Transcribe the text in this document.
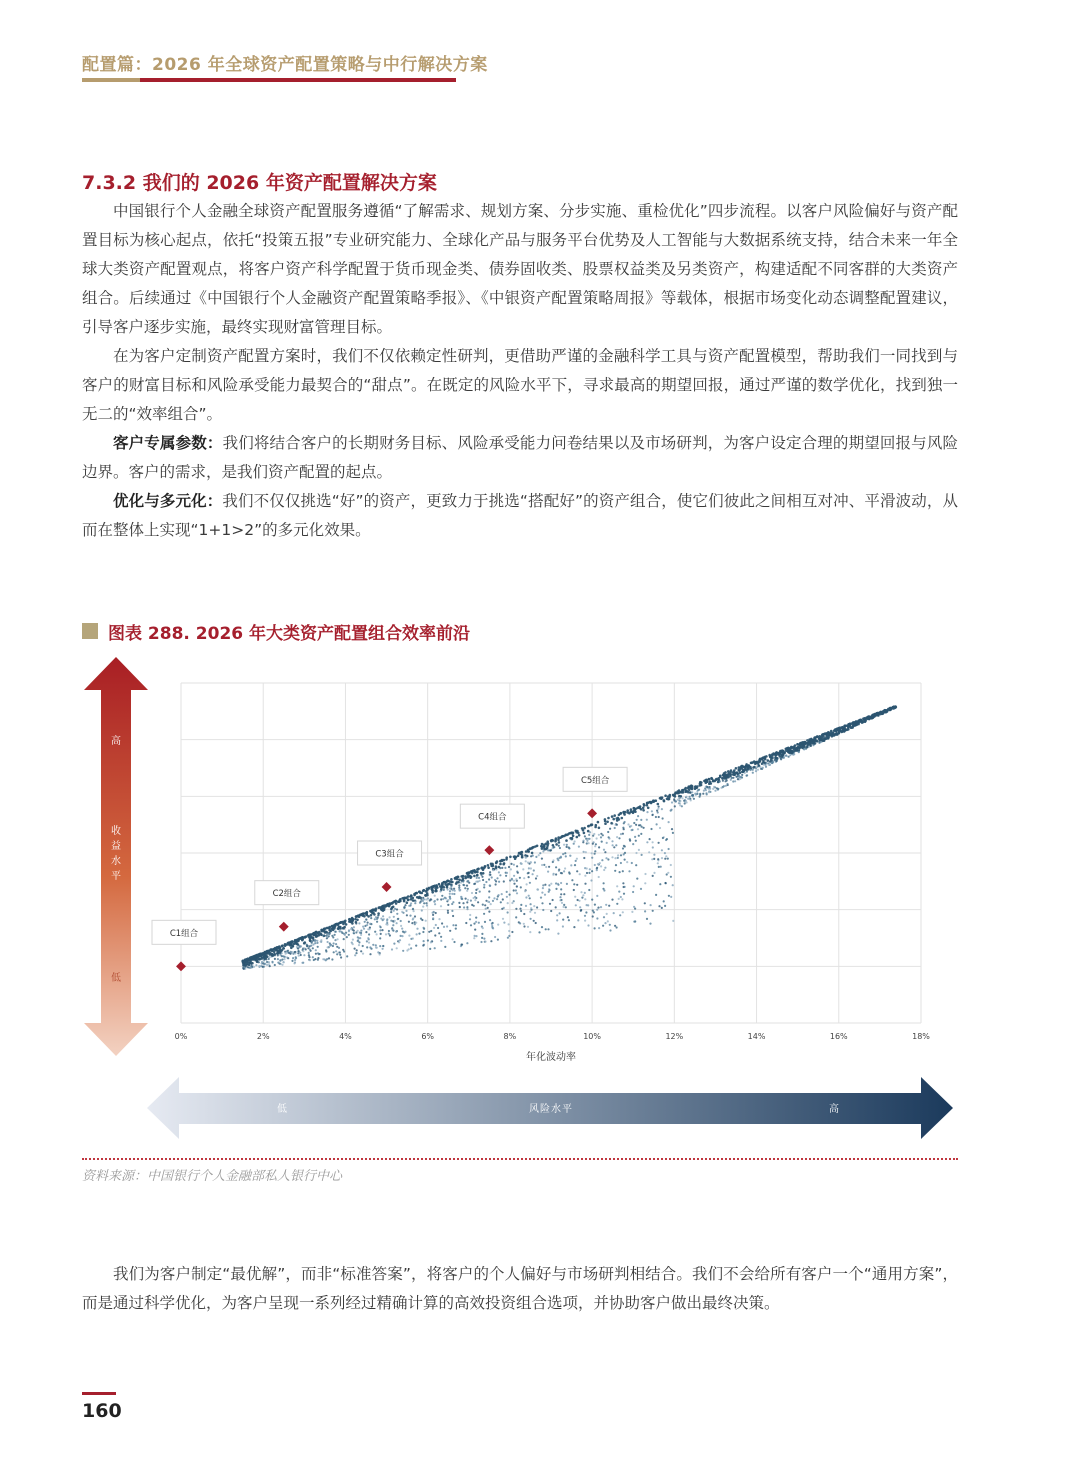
配置篇：2026 年全球资产配置策略与中行解决方案
7.3.2 我们的 2026 年资产配置解决方案

中国银行个人金融全球资产配置服务遵循“了解需求、规划方案、分步实施、重检优化”四步流程。以客户风险偏好与资产配置目标为核心起点，依托“投策五报”专业研究能力、全球化产品与服务平台优势及人工智能与大数据系统支持，结合未来一年全球大类资产配置观点，将客户资产科学配置于货币现金类、债券固收类、股票权益类及另类资产，构建适配不同客群的大类资产组合。后续通过《中国银行个人金融资产配置策略季报》、《中银资产配置策略周报》等载体，根据市场变化动态调整配置建议，引导客户逐步实施，最终实现财富管理目标。

在为客户定制资产配置方案时，我们不仅依赖定性研判，更借助严谨的金融科学工具与资产配置模型，帮助我们一同找到与客户的财富目标和风险承受能力最契合的“甜点”。在既定的风险水平下，寻求最高的期望回报，通过严谨的数学优化，找到独一无二的“效率组合”。

客户专属参数：我们将结合客户的长期财务目标、风险承受能力问卷结果以及市场研判，为客户设定合理的期望回报与风险边界。客户的需求，是我们资产配置的起点。

优化与多元化：我们不仅仅挑选“好”的资产，更致力于挑选“搭配好”的资产组合，使它们彼此之间相互对冲、平滑波动，从而在整体上实现“1+1>2”的多元化效果。

图表 288. 2026 年大类资产配置组合效率前沿
0%	2%	4%	6%	8%	10%	12%	14%	16%	18%
年化波动率
高
收益水平
低
低	风险水平	高
C1组合
C2组合
C3组合
C4组合
C5组合
资料来源：中国银行个人金融部私人银行中心

我们为客户制定“最优解”，而非“标准答案”，将客户的个人偏好与市场研判相结合。我们不会给所有客户一个“通用方案”，而是通过科学优化，为客户呈现一系列经过精确计算的高效投资组合选项，并协助客户做出最终决策。

160
